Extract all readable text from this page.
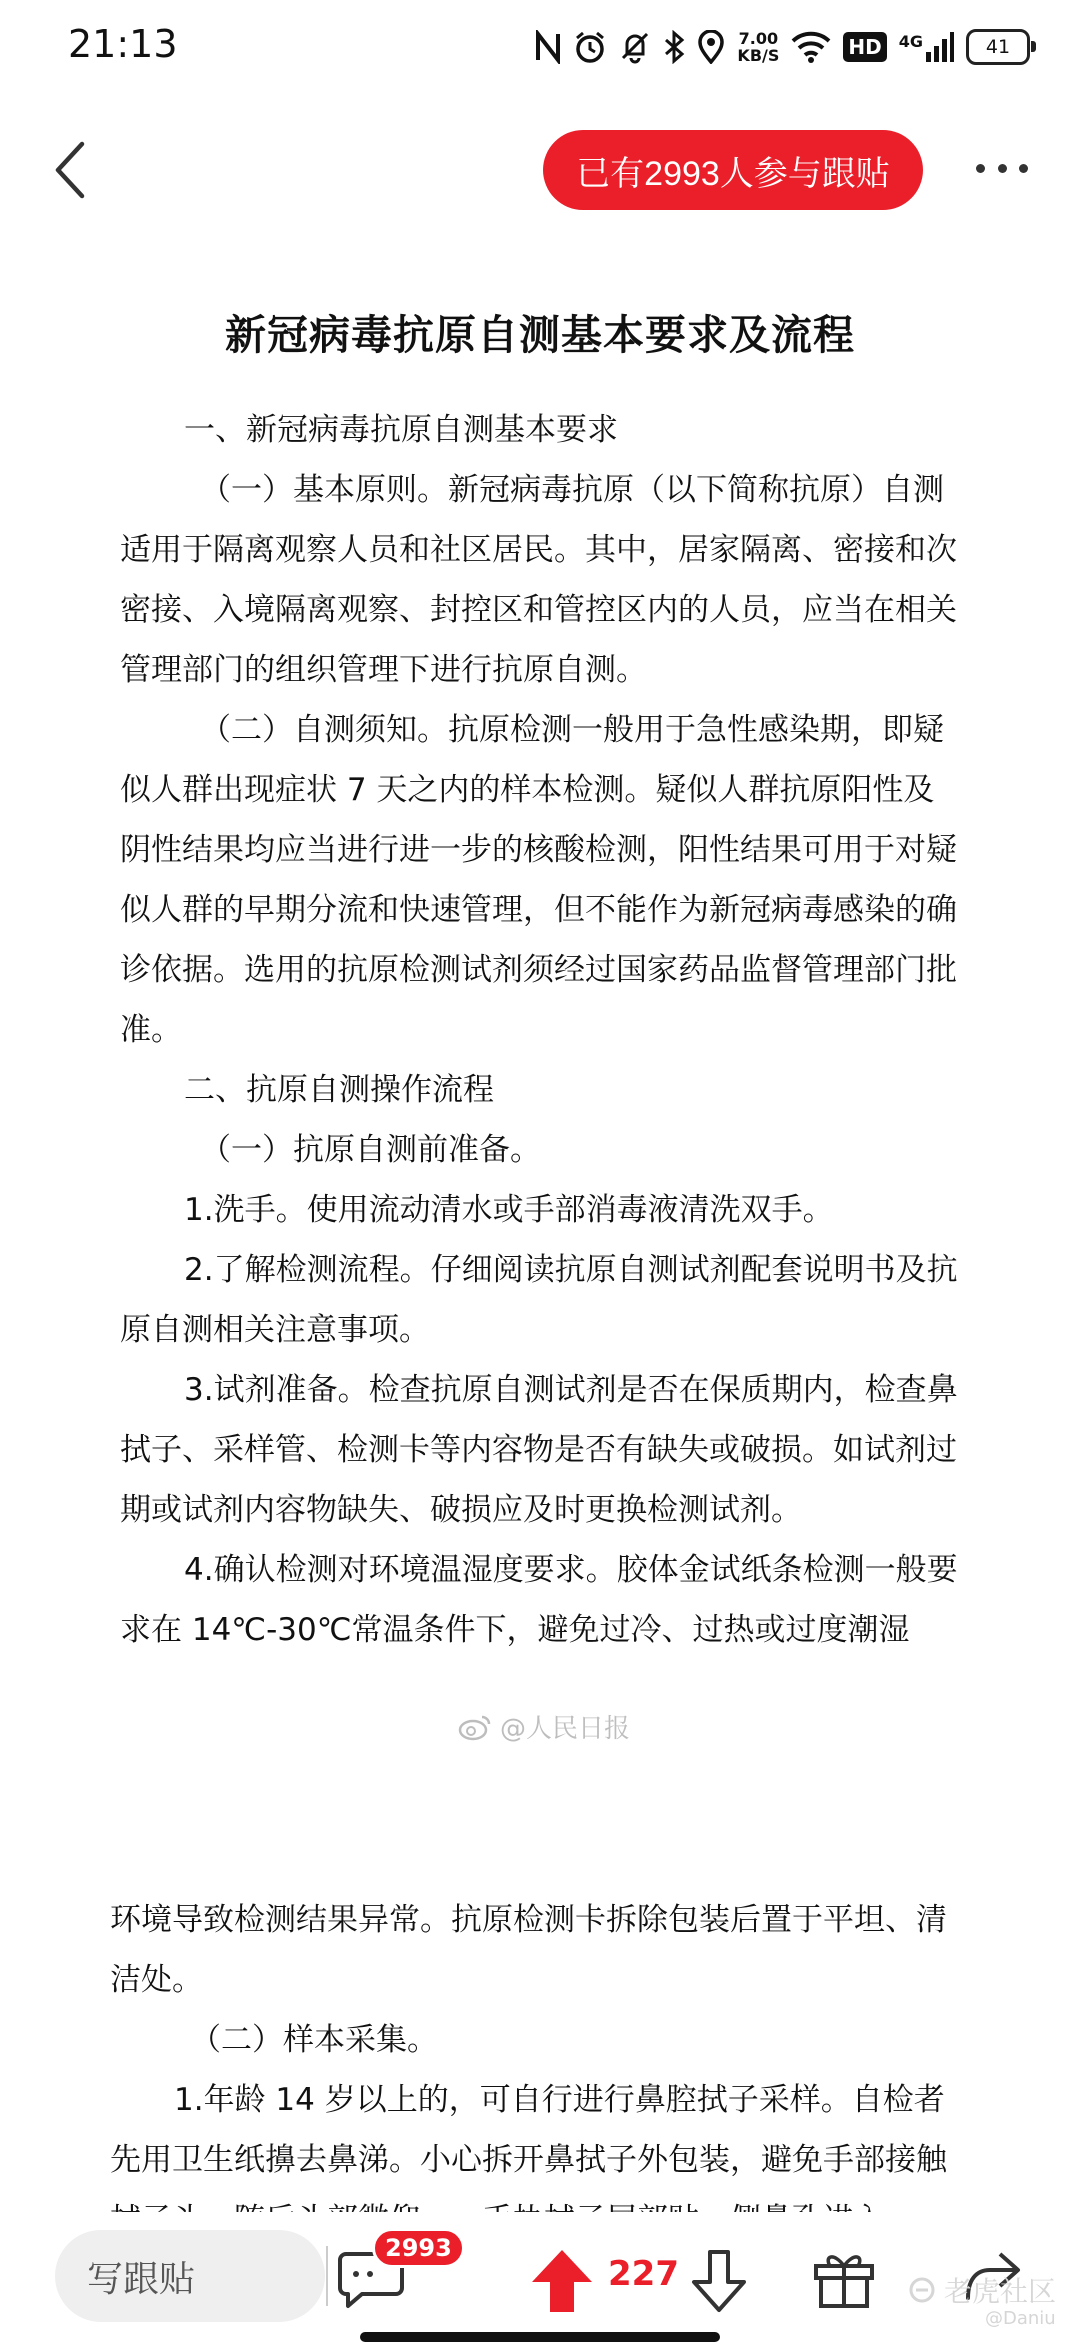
21:13	7.00
KB/S	HD	4G	41
已有2993人参与跟贴
新冠病毒抗原自测基本要求及流程

一、新冠病毒抗原自测基本要求

（一）基本原则。新冠病毒抗原（以下简称抗原）自测适用于隔离观察人员和社区居民。其中，居家隔离、密接和次密接、入境隔离观察、封控区和管控区内的人员，应当在相关管理部门的组织管理下进行抗原自测。

（二）自测须知。抗原检测一般用于急性感染期，即疑似人群出现症状 7 天之内的样本检测。疑似人群抗原阳性及阴性结果均应当进行进一步的核酸检测，阳性结果可用于对疑似人群的早期分流和快速管理，但不能作为新冠病毒感染的确诊依据。选用的抗原检测试剂须经过国家药品监督管理部门批准。

二、抗原自测操作流程

（一）抗原自测前准备。

1.洗手。使用流动清水或手部消毒液清洗双手。

2.了解检测流程。仔细阅读抗原自测试剂配套说明书及抗原自测相关注意事项。

3.试剂准备。检查抗原自测试剂是否在保质期内，检查鼻拭子、采样管、检测卡等内容物是否有缺失或破损。如试剂过期或试剂内容物缺失、破损应及时更换检测试剂。

4.确认检测对环境温湿度要求。胶体金试纸条检测一般要求在 14℃-30℃常温条件下，避免过冷、过热或过度潮湿

@人民日报

环境导致检测结果异常。抗原检测卡拆除包装后置于平坦、清洁处。

（二）样本采集。

1.年龄 14 岁以上的，可自行进行鼻腔拭子采样。自检者先用卫生纸擤去鼻涕。小心拆开鼻拭子外包装，避免手部接触

写跟贴
2993
227	老虎社区
@Daniu
